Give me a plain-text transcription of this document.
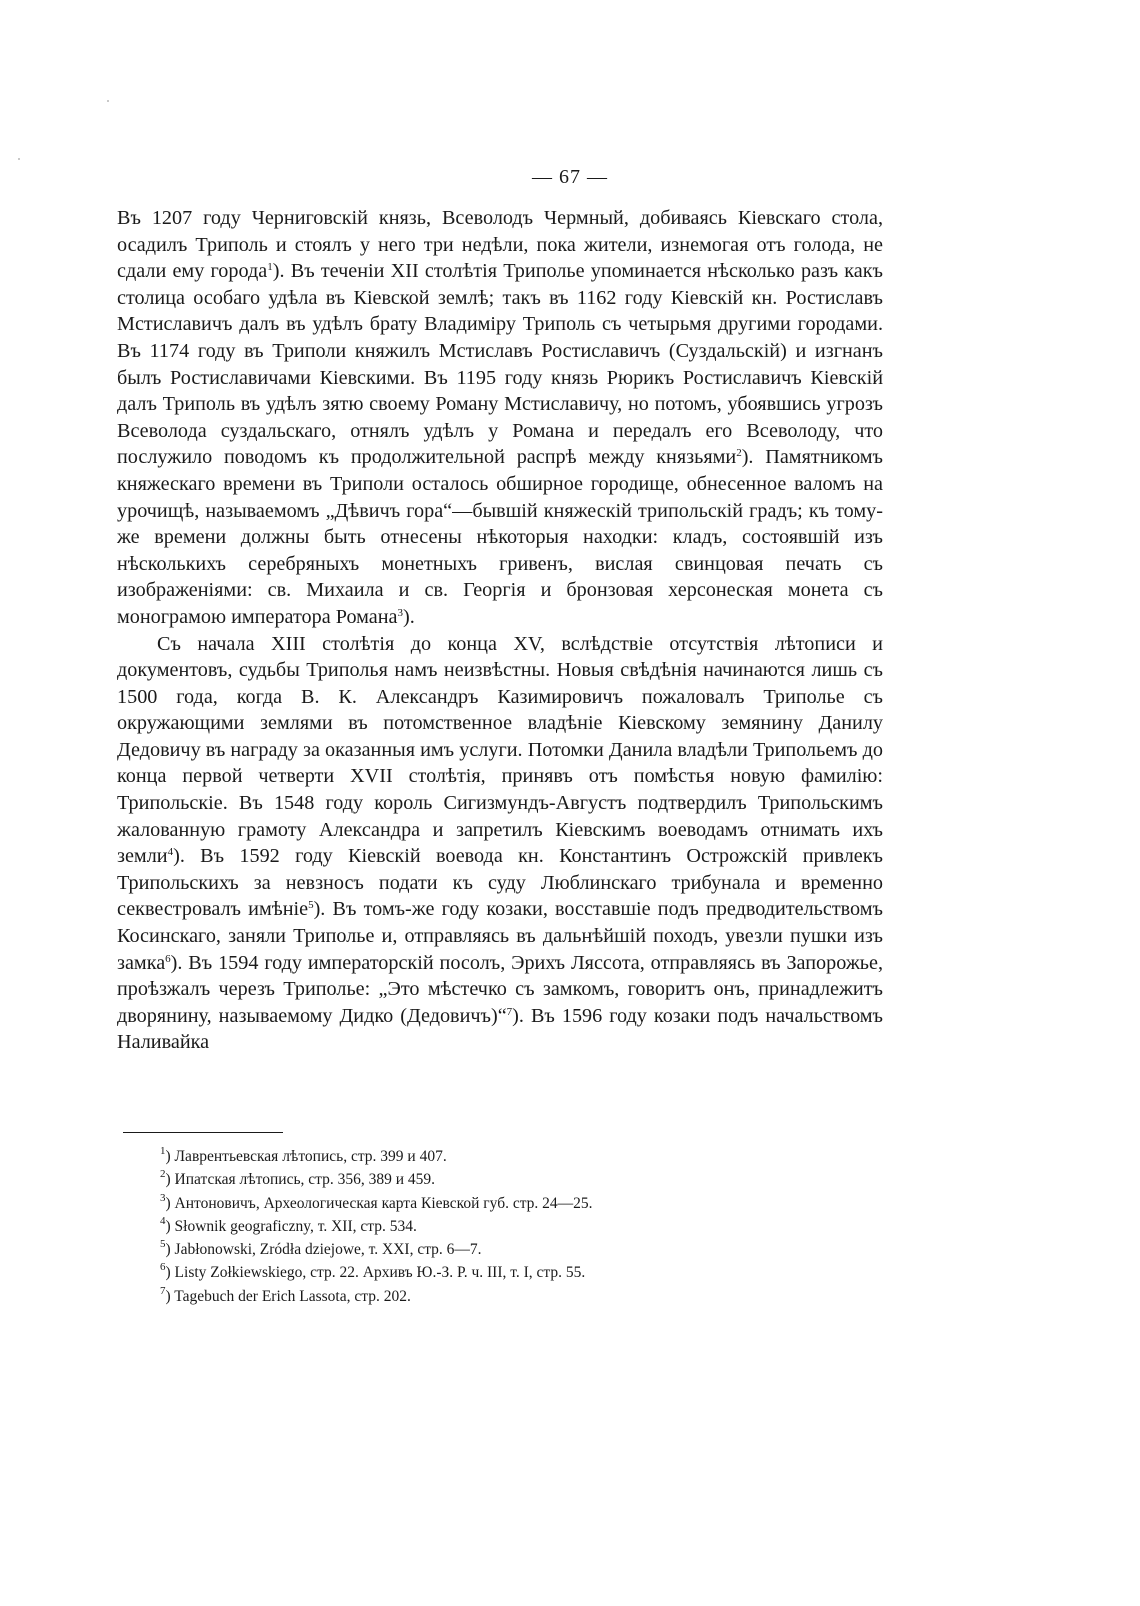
— 67 —

Въ 1207 году Черниговскій князь, Всеволодъ Чермный, добиваясь Кіевскаго стола, осадилъ Триполь и стоялъ у него три недѣли, пока жители, изнемогая отъ голода, не сдали ему города$^1$). Въ теченіи XII столѣтія Триполье упоминается нѣсколько разъ какъ столица особаго удѣла въ Кіевской землѣ; такъ въ 1162 году Кіевскій кн. Ростиславъ Мстиславичъ далъ въ удѣлъ брату Владиміру Триполь съ четырьмя другими городами. Въ 1174 году въ Триполи княжилъ Мстиславъ Ростиславичъ (Суздальскій) и изгнанъ былъ Ростиславичами Кіевскими. Въ 1195 году князь Рюрикъ Ростиславичъ Кіевскій далъ Триполь въ удѣлъ зятю своему Роману Мстиславичу, но потомъ, убоявшись угрозъ Всеволода суздальскаго, отнялъ удѣлъ у Романа и передалъ его Всеволоду, что послужило поводомъ къ продолжительной распрѣ между князьями$^2$). Памятникомъ княжескаго времени въ Триполи осталось обширное городище, обнесенное валомъ на урочищѣ, называемомъ „Дѣвичъ гора“—бывшій княжескій трипольскій градъ; къ тому-же времени должны быть отнесены нѣкоторыя находки: кладъ, состоявшій изъ нѣсколькихъ серебряныхъ монетныхъ гривенъ, вислая свинцовая печать съ изображеніями: св. Михаила и св. Георгія и бронзовая херсонеская монета съ монограмою императора Романа$^3$).

Съ начала XIII столѣтія до конца XV, вслѣдствіе отсутствія лѣтописи и документовъ, судьбы Триполья намъ неизвѣстны. Новыя свѣдѣнія начинаются лишь съ 1500 года, когда В. К. Александръ Казимировичъ пожаловалъ Триполье съ окружающими землями въ потомственное владѣніе Кіевскому земянину Данилу Дедовичу въ награду за оказанныя имъ услуги. Потомки Данила владѣли Трипольемъ до конца первой четверти XVII столѣтія, принявъ отъ помѣстья новую фамилію: Трипольскіе. Въ 1548 году король Сигизмундъ-Августъ подтвердилъ Трипольскимъ жалованную грамоту Александра и запретилъ Кіевскимъ воеводамъ отнимать ихъ земли$^4$). Въ 1592 году Кіевскій воевода кн. Константинъ Острожскій привлекъ Трипольскихъ за невзносъ подати къ суду Люблинскаго трибунала и временно секвестровалъ имѣніе$^5$). Въ томъ-же году козаки, восставшіе подъ предводительствомъ Косинскаго, заняли Триполье и, отправляясь въ дальнѣйшій походъ, увезли пушки изъ замка$^6$). Въ 1594 году императорскій посолъ, Эрихъ Ляссота, отправляясь въ Запорожье, проѣзжалъ черезъ Триполье: „Это мѣстечко съ замкомъ, говоритъ онъ, принадлежитъ дворянину, называемому Дидко (Дедовичъ)“$^7$). Въ 1596 году козаки подъ начальствомъ Наливайка

$^1$) Лаврентьевская лѣтопись, стр. 399 и 407.
$^2$) Ипатская лѣтопись, стр. 356, 389 и 459.
$^3$) Антоновичъ, Археологическая карта Кіевской губ. стр. 24—25.
$^4$) Słownik geograficzny, т. XII, стр. 534.
$^5$) Jabłonowski, Zródła dziejowe, т. XXI, стр. 6—7.
$^6$) Listy Zołkiewskiego, стр. 22. Архивъ Ю.-З. Р. ч. III, т. I, стр. 55.
$^7$) Tagebuch der Erich Lassota, стр. 202.
